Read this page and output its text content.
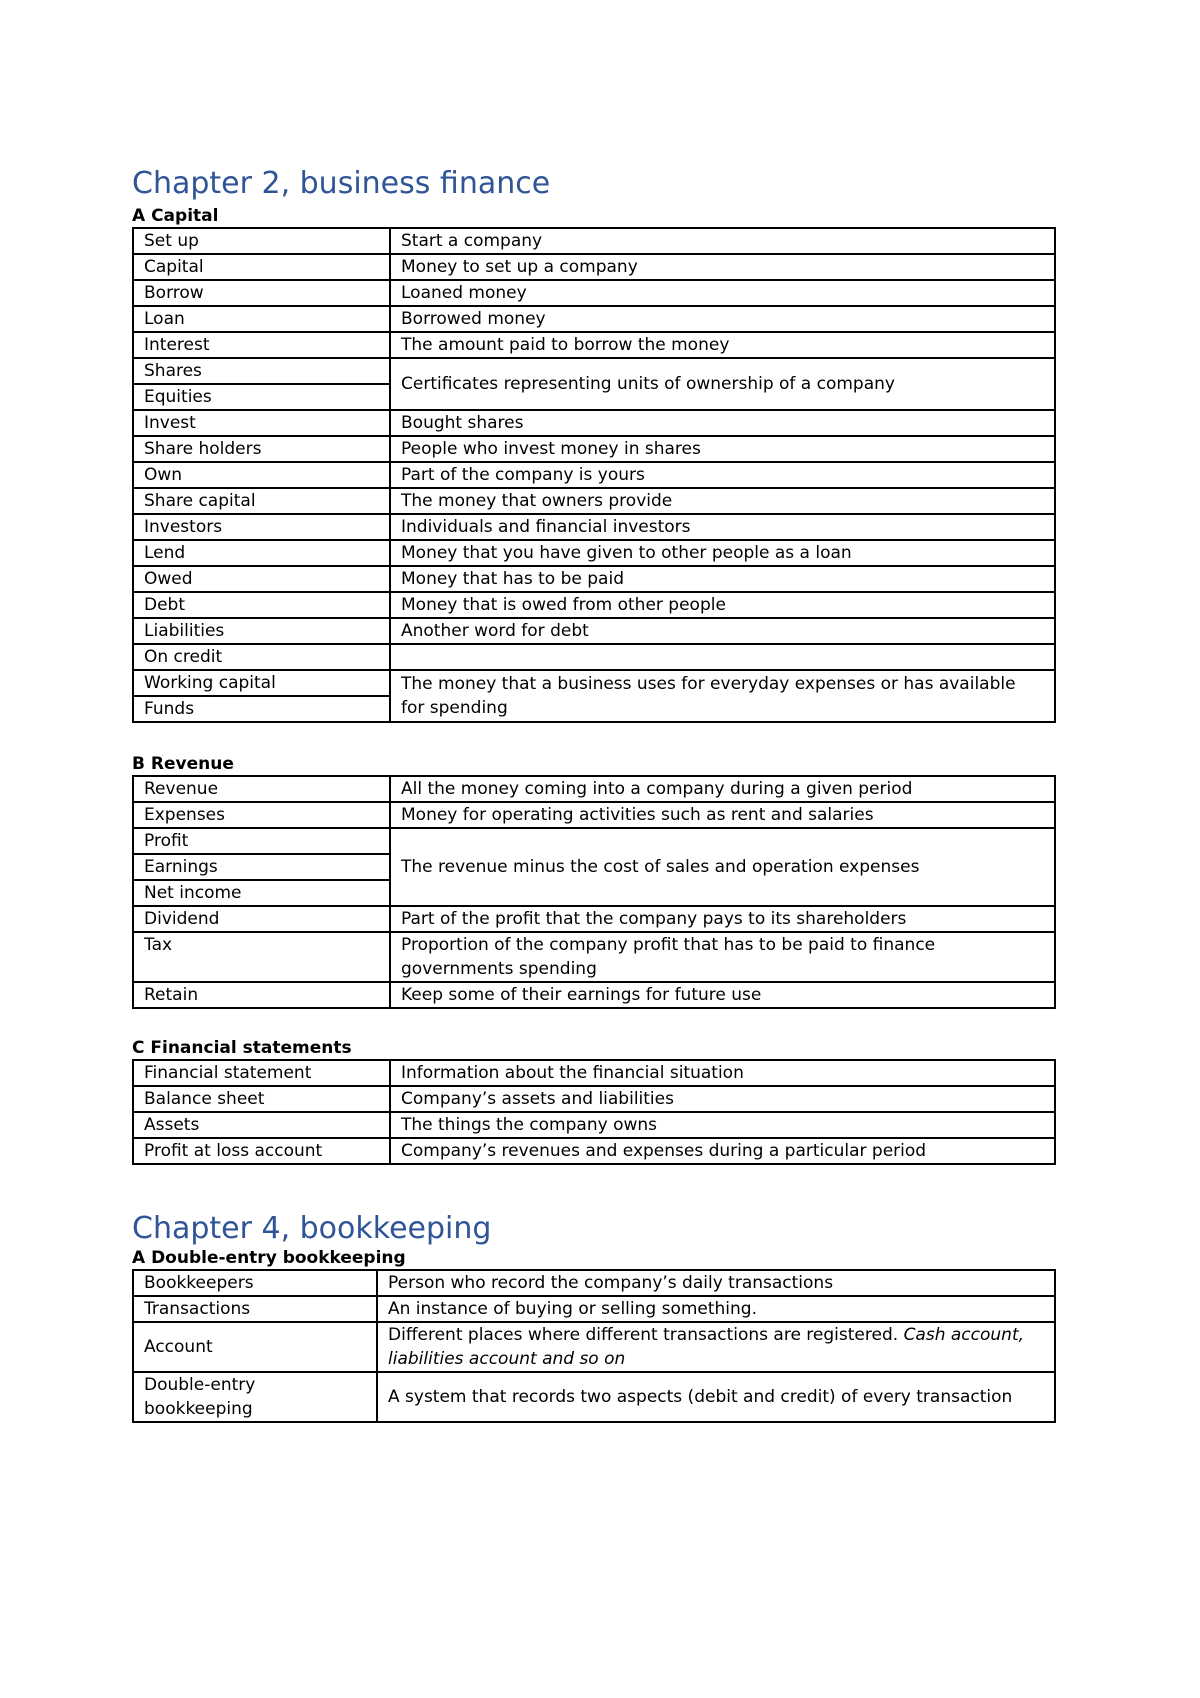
Chapter 2, business finance
A Capital
Set up	Start a company
Capital	Money to set up a company
Borrow	Loaned money
Loan	Borrowed money
Interest	The amount paid to borrow the money
Shares	Certificates representing units of ownership of a company
Equities	
Invest	Bought shares
Share holders	People who invest money in shares
Own	Part of the company is yours
Share capital	The money that owners provide
Investors	Individuals and financial investors
Lend	Money that you have given to other people as a loan
Owed	Money that has to be paid
Debt	Money that is owed from other people
Liabilities	Another word for debt
On credit	
Working capital	The money that a business uses for everyday expenses or has available for spending
Funds	
B Revenue
Revenue	All the money coming into a company during a given period
Expenses	Money for operating activities such as rent and salaries
Profit	The revenue minus the cost of sales and operation expenses
Earnings	
Net income	
Dividend	Part of the profit that the company pays to its shareholders
Tax	Proportion of the company profit that has to be paid to finance governments spending
Retain	Keep some of their earnings for future use
C Financial statements
Financial statement	Information about the financial situation
Balance sheet	Company’s assets and liabilities
Assets	The things the company owns
Profit at loss account	Company’s revenues and expenses during a particular period
Chapter 4, bookkeeping
A Double-entry bookkeeping
Bookkeepers	Person who record the company’s daily transactions
Transactions	An instance of buying or selling something.
Account	Different places where different transactions are registered. Cash account, liabilities account and so on
Double-entry bookkeeping	A system that records two aspects (debit and credit) of every transaction
